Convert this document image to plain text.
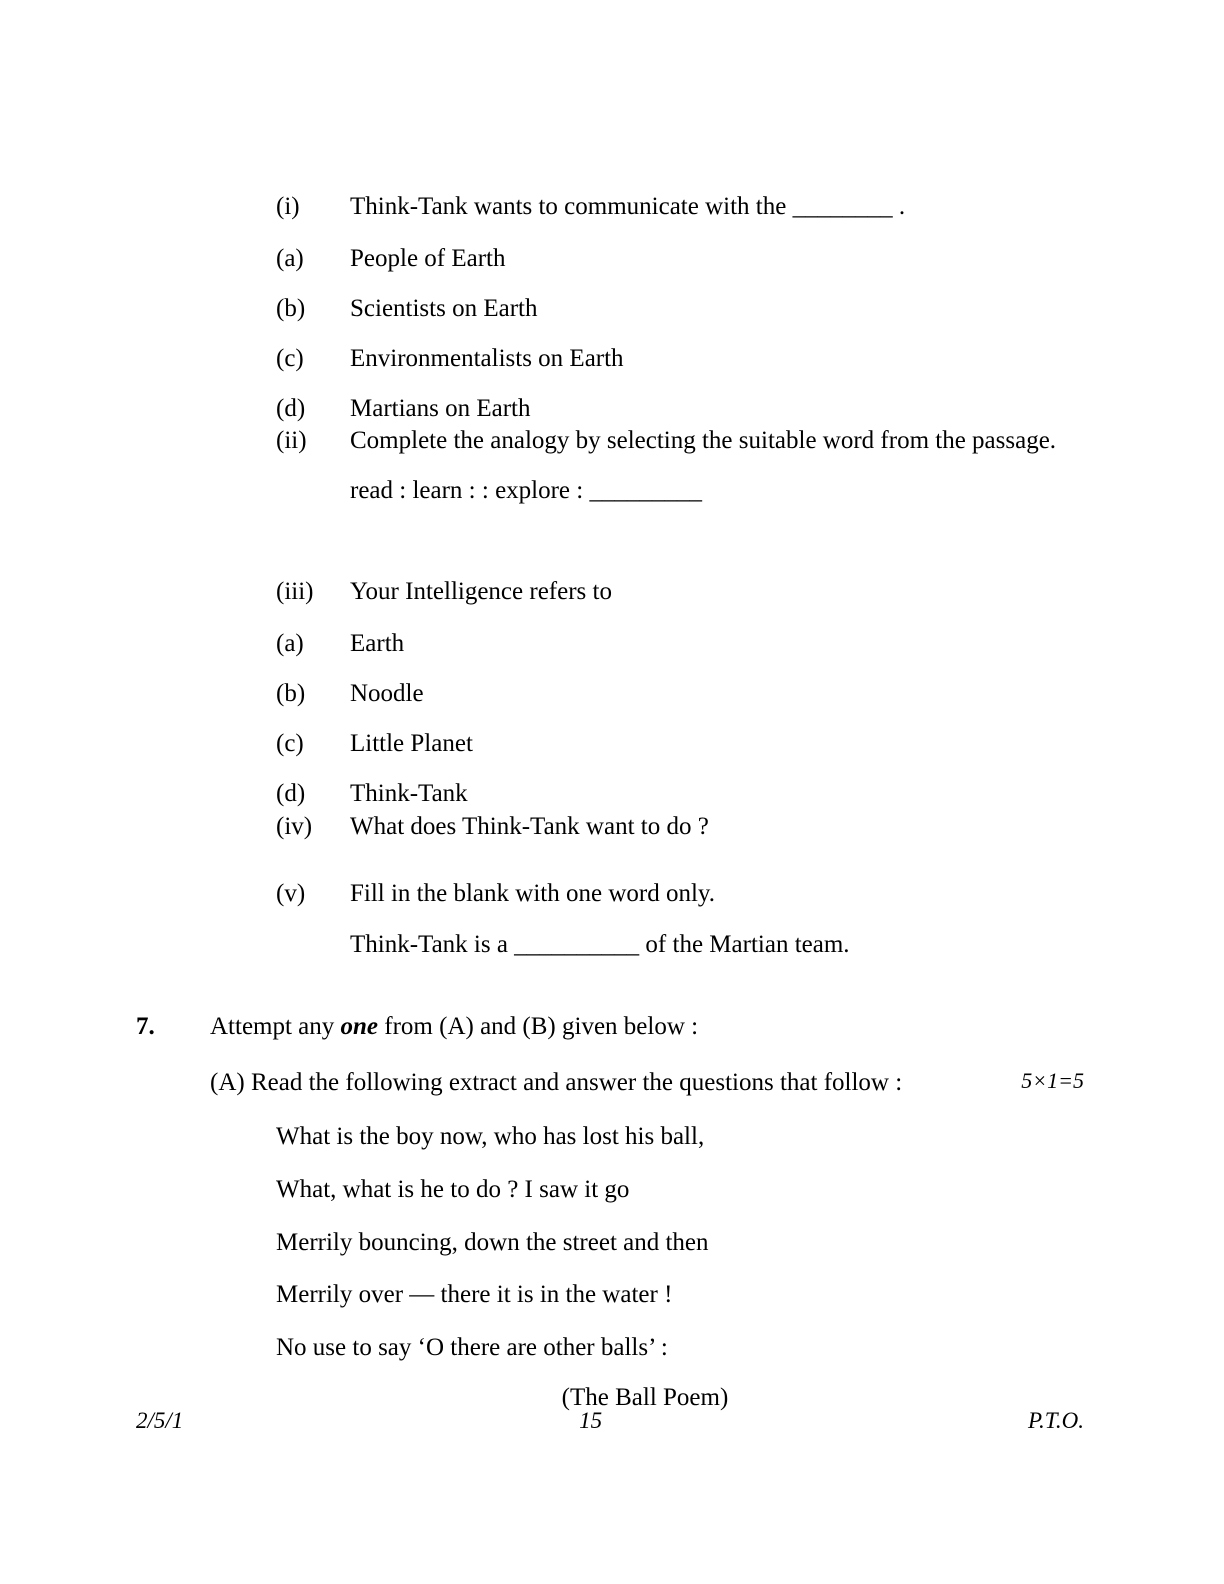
(i)	Think-Tank wants to communicate with the ________ .
(a)	People of Earth
(b)	Scientists on Earth
(c)	Environmentalists on Earth
(d)	Martians on Earth
(ii)	Complete the analogy by selecting the suitable word from the passage.
read : learn : : explore : _________
(iii)	Your Intelligence refers to
(a)	Earth
(b)	Noodle
(c)	Little Planet
(d)	Think-Tank
(iv)	What does Think-Tank want to do ?
(v)	Fill in the blank with one word only.
Think-Tank is a __________ of the Martian team.
7.	Attempt any one from (A) and (B) given below :
(A) Read the following extract and answer the questions that follow :	5×1=5
What is the boy now, who has lost his ball,
What, what is he to do ? I saw it go
Merrily bouncing, down the street and then
Merrily over — there it is in the water !
No use to say ‘O there are other balls’ :
(The Ball Poem)
2/5/1	15	P.T.O.
